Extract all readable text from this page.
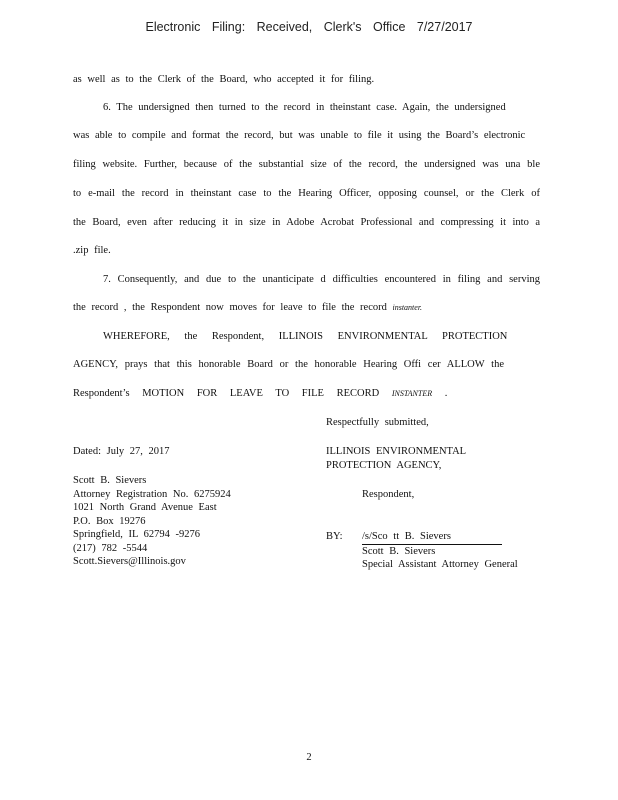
Electronic Filing: Received, Clerk's Office 7/27/2017
as well as to the Clerk of the Board, who accepted it for filing.
6. The undersigned then turned to the record in theinstant case. Again, the undersigned
was able to compile and format the record, but was unable to file it using the Board’s electronic
filing website. Further, because of the substantial size of the record, the undersigned was una ble
to e-mail the record in theinstant case to the Hearing Officer, opposing counsel, or the Clerk of
the Board, even after reducing it in size in Adobe Acrobat Professional and compressing it into a
.zip file.
7. Consequently, and due to the unanticipate d difficulties encountered in filing and serving
the record , the Respondent now moves for leave to file the record instanter.
WHEREFORE, the Respondent, ILLINOIS ENVIRONMENTAL PROTECTION
AGENCY, prays that this honorable Board or the honorable Hearing Offi cer ALLOW the
Respondent’s MOTION FOR LEAVE TO FILE RECORD INSTANTER .
Respectfully submitted,
Dated: July 27, 2017	ILLINOIS ENVIRONMENTAL
PROTECTION AGENCY,
Scott B. Sievers
Attorney Registration No. 6275924
1021 North Grand Avenue East
P.O. Box 19276
Springfield, IL 62794 -9276
(217) 782 -5544
Scott.Sievers@Illinois.gov
Respondent,
BY: /s/Sco tt B. Sievers
Scott B. Sievers
Special Assistant Attorney General
2
